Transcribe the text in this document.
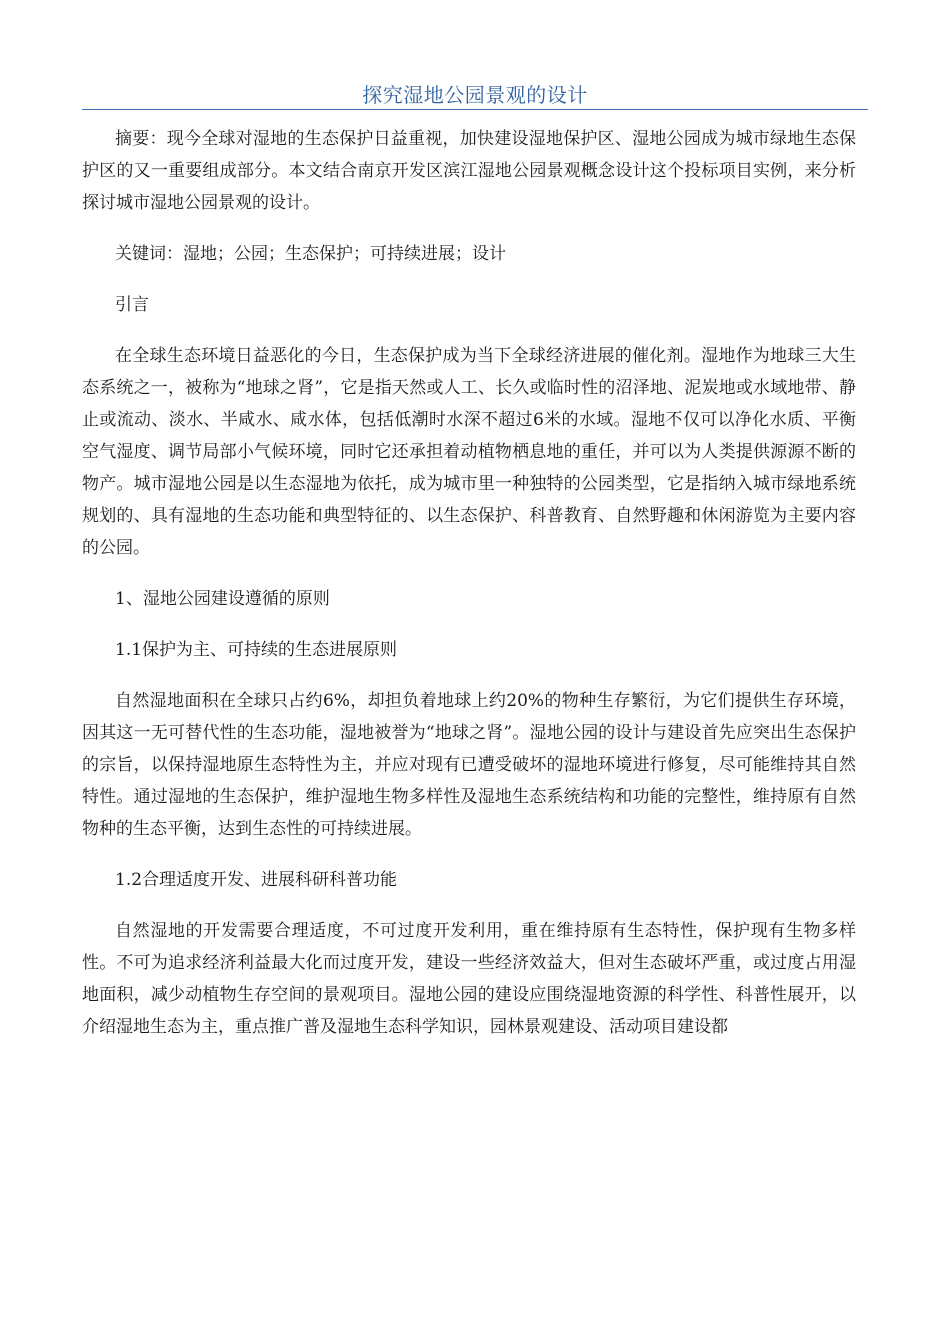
探究湿地公园景观的设计

摘要：现今全球对湿地的生态保护日益重视，加快建设湿地保护区、湿地公园成为城市绿地生态保护区的又一重要组成部分。本文结合南京开发区滨江湿地公园景观概念设计这个投标项目实例，来分析探讨城市湿地公园景观的设计。

关键词：湿地；公园；生态保护；可持续进展；设计

引言

在全球生态环境日益恶化的今日，生态保护成为当下全球经济进展的催化剂。湿地作为地球三大生态系统之一，被称为“地球之肾”，它是指天然或人工、长久或临时性的沼泽地、泥炭地或水域地带、静止或流动、淡水、半咸水、咸水体，包括低潮时水深不超过6米的水域。湿地不仅可以净化水质、平衡空气湿度、调节局部小气候环境，同时它还承担着动植物栖息地的重任，并可以为人类提供源源不断的物产。城市湿地公园是以生态湿地为依托，成为城市里一种独特的公园类型，它是指纳入城市绿地系统规划的、具有湿地的生态功能和典型特征的、以生态保护、科普教育、自然野趣和休闲游览为主要内容的公园。

1、湿地公园建设遵循的原则

1.1保护为主、可持续的生态进展原则

自然湿地面积在全球只占约6%，却担负着地球上约20%的物种生存繁衍，为它们提供生存环境，因其这一无可替代性的生态功能，湿地被誉为“地球之肾”。湿地公园的设计与建设首先应突出生态保护的宗旨，以保持湿地原生态特性为主，并应对现有已遭受破坏的湿地环境进行修复，尽可能维持其自然特性。通过湿地的生态保护，维护湿地生物多样性及湿地生态系统结构和功能的完整性，维持原有自然物种的生态平衡，达到生态性的可持续进展。

1.2合理适度开发、进展科研科普功能

自然湿地的开发需要合理适度，不可过度开发利用，重在维持原有生态特性，保护现有生物多样性。不可为追求经济利益最大化而过度开发，建设一些经济效益大，但对生态破坏严重，或过度占用湿地面积，减少动植物生存空间的景观项目。湿地公园的建设应围绕湿地资源的科学性、科普性展开，以介绍湿地生态为主，重点推广普及湿地生态科学知识，园林景观建设、活动项目建设都
